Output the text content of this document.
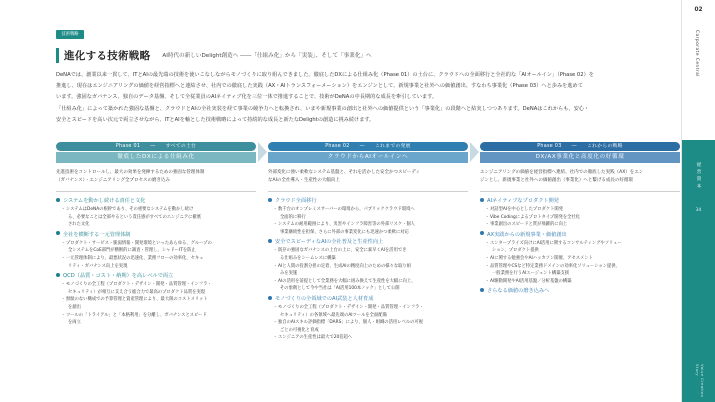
技術戦略
進化する技術戦略 AI時代の新しいDelight創造へ ――「仕組み化」から「実装」、そして「事業化」へ

DeNAでは、創業以来一貫して、ITとAIの最先端の技術を使いこなしながらモノづくりに取り組んできました。徹底したDXによる仕組み化（Phase 01）の土台に、クラウドへの全面移行と全社的な「AIオールイン」（Phase 02）を

推進し、現在はエンジニアリングの価値を経営指標へと連結させ、社内での徹底した実践（AX・AIトランスフォーメーション）をエンジンとして、新規事業と社外への価値創出、すなわち事業化（Phase 03）へと歩みを進めて

います。強固なガバナンス、独自のデータ基盤、そして全従業員のAIネイティブ化を三位一体で推進することで、技術がDeNAの中長期的な成長を牽引しています。

「仕組み化」によって築かれた強固な基盤と、クラウドとAIの全社実装を経て事業の競争力へと転換され、いまや新規事業の創出と社外への価値提供という「事業化」の段階へと結実しつつあります。DeNAはこれからも、安心・

安全とスピードを高い次元で両立させながら、ITとAIを軸とした技術戦略によって持続的な成長と新たなDelightの創造に挑み続けます。

Phase 01　　―　　すべての土台
徹底したDXによる仕組み化

先進技術をコントロールし、最大の効果を発揮するための強固な管理体制

（ガバナンス）・エンジニアリング全プロセスの磨き込み

システムを動かし続ける責任と文化
・ システムはDeNAの根幹であり、その重要なシステムを動かし続け
る、必要なことは全部やるという責任感がすべてのエンジニアに徹底
された文化
全社を横断する一元管理体制
・ プロダクト・サービス・脆弱情報・開発環境といったあらゆる、グループの
全システムをCoE部門が横断的に調査・管理し、シャドーITを防止
・ 一元管理体制により、最悪状況の迅速化、業務フローの効率化、セキュ
リティ・ガバナンス向上を実現
QCD（品質・コスト・納期）を高レベルで両立
・ モノづくりの全工程（プロダクト・デザイン・開発・品質管理・インフラ・
セキュリティ）が相互に支え合う総合力で最高のプロダクト品質を実現
・ 無駄のない構成での予算管理と資産管理により、最大限のコストメリット
を創出
・ ツールの「トライアル」と「本格利用」を分離し、ガバナンスとスピード
を両立
Phase 02　　―　　これまでの発展
クラウドからAIオールインへ

外部変化に強い柔軟なシステム基盤と、それを活かした安全かつスピーディ

なAIの全社導入・生産性の大幅向上

クラウド全面移行
・ 数千台のオンプレミスサーバーの環境から、パブリッククラウド環境へ
全面的に移行
・ システムの耐用範囲により、災害やインフラ障害等の外部リスク・個人
事業継続性を担保、さらに外部の事業変化にも迅速かつ柔軟に対応
安全でスピーディなAIの全社普及と生産性向上
・ 既存の強固なガバナンスの上台の上に、安全に素早くAIを活用でき
る仕組みをシームレスに構築
・ AIと人間の役割分担の定着、生成AIの精度向上のための様々な取り組
みを実施
・ AIの活用を前提として全業務を大幅に組み換えて生産性を大幅に向上、
その象徴として今や当社は「AI活用100本ノック」として公開
モノづくりの全領域でのAI武装と人材育成
・ モノづくりの全工程（プロダクト・デザイン・開発・品質管理・インフラ・
セキュリティ）の各領域へ最先端のAIツールを全面配備
・ 独自のAIスキル評価指標「DARS」により、個人・組織の活用レベルの可視
ごとの可視化と育成
・ エンジニアの生産性は最大で20倍超へ
Phase 03　　―　　これからの戦略
DX/AX事業化と高度化の好循環

エンジニアリングの価値を経営指標へ連結、社内での徹底した実践（AX）をエン

ジンとし、新規事業と社外への価値創出（事業化）へと繋げる成長の好循環

AIネイティブなプロダクト開発
・ 対話型AIを中心としたプロダクト開発
・ Vibe Codingによるプロトタイプ開発を全社化
・ 事業創出のスピードと質が飛躍的に向上
AX実践からの新規事業・価値創出
・ エンタープライズ向けにAI活用に関するコンサルティングやソリュー
ション、プロダクト提供
・ AIに関する勉強会やAIハッカソン開催、アセスメント
・ 品質管理やCSなど特定業務ドメインの効率化ソリューション提供、
一般業務を行うAIエージェント構築支援
・ AI駆動開発やAI活用基盤／分析基盤の構築
さらなる価値の磨き込みへ
02
Corporate Central
経営資本
34
Value Creation Story
